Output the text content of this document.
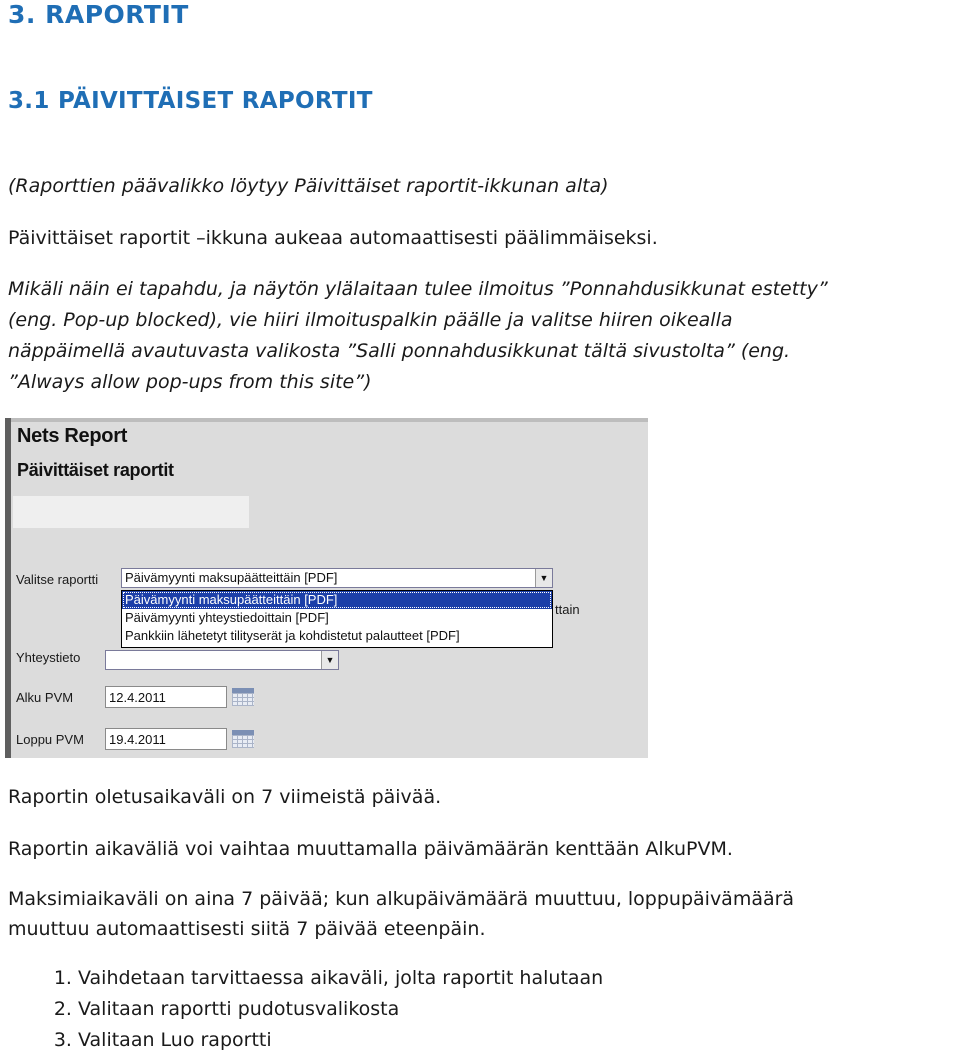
3. RAPORTIT
3.1 PÄIVITTÄISET RAPORTIT
(Raporttien päävalikko löytyy Päivittäiset raportit-ikkunan alta)
Päivittäiset raportit –ikkuna aukeaa automaattisesti päälimmäiseksi.
Mikäli näin ei tapahdu, ja näytön ylälaitaan tulee ilmoitus ”Ponnahdusikkunat estetty”
(eng. Pop-up blocked), vie hiiri ilmoituspalkin päälle ja valitse hiiren oikealla
näppäimellä avautuvasta valikosta ”Salli ponnahdusikkunat tältä sivustolta” (eng.
”Always allow pop-ups from this site”)
Nets Report
Päivittäiset raportit
Valitse raportti	Päivämyynti maksupäätteittäin [PDF]	▼
Päivämyynti maksupäätteittäin [PDF]
Päivämyynti yhteystiedoittain [PDF]
Pankkiin lähetetyt tilityserät ja kohdistetut palautteet [PDF]
ttain
Yhteystieto	▼
Alku PVM	12.4.2011
Loppu PVM	19.4.2011
Raportin oletusaikaväli on 7 viimeistä päivää.
Raportin aikaväliä voi vaihtaa muuttamalla päivämäärän kenttään AlkuPVM.
Maksimiaikaväli on aina 7 päivää; kun alkupäivämäärä muuttuu, loppupäivämäärä
muuttuu automaattisesti siitä 7 päivää eteenpäin.
1. Vaihdetaan tarvittaessa aikaväli, jolta raportit halutaan
2. Valitaan raportti pudotusvalikosta
3. Valitaan Luo raportti
